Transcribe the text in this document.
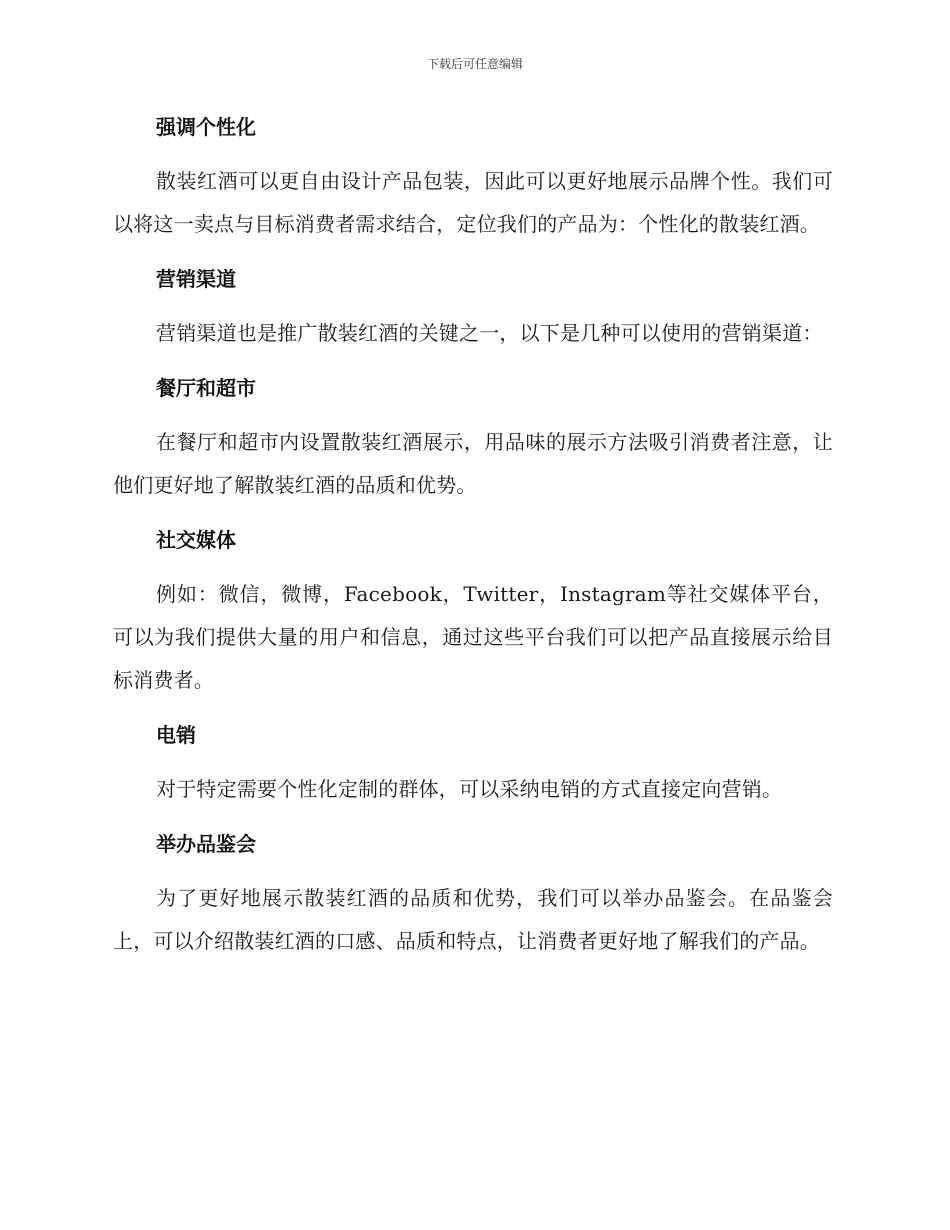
下载后可任意编辑
强调个性化

散装红酒可以更自由设计产品包装，因此可以更好地展示品牌个性。我们可以将这一卖点与目标消费者需求结合，定位我们的产品为：个性化的散装红酒。

营销渠道

营销渠道也是推广散装红酒的关键之一，以下是几种可以使用的营销渠道：

餐厅和超市

在餐厅和超市内设置散装红酒展示，用品味的展示方法吸引消费者注意，让他们更好地了解散装红酒的品质和优势。

社交媒体

例如：微信，微博，Facebook，Twitter，Instagram等社交媒体平台，可以为我们提供大量的用户和信息，通过这些平台我们可以把产品直接展示给目标消费者。

电销

对于特定需要个性化定制的群体，可以采纳电销的方式直接定向营销。

举办品鉴会

为了更好地展示散装红酒的品质和优势，我们可以举办品鉴会。在品鉴会上，可以介绍散装红酒的口感、品质和特点，让消费者更好地了解我们的产品。
